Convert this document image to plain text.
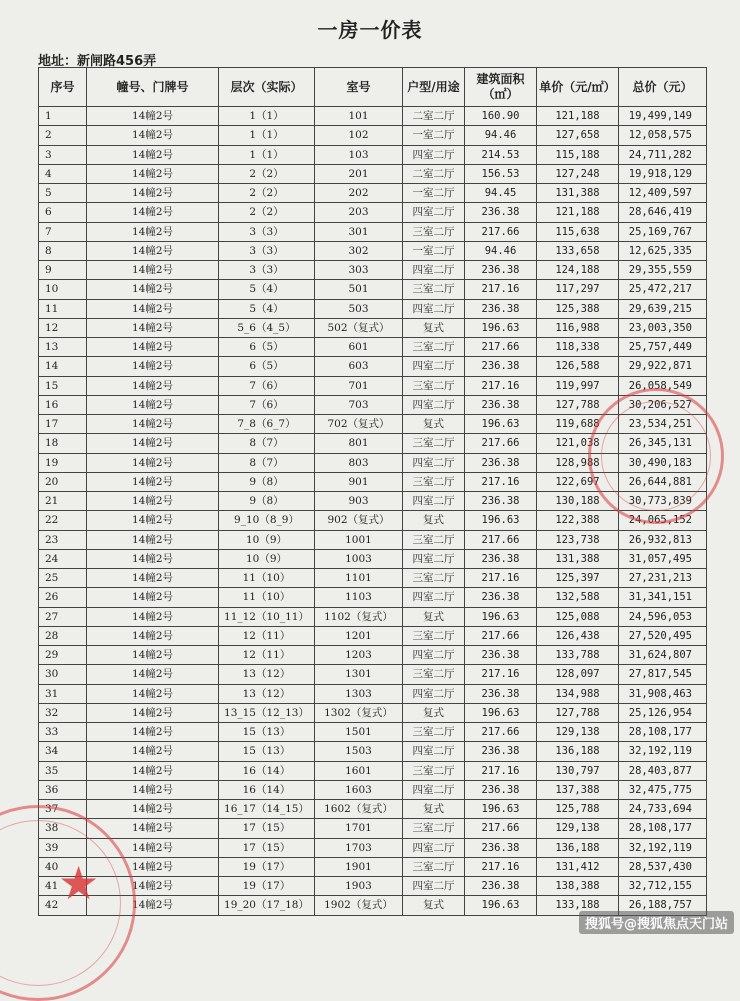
一房一价表
地址：新闸路456弄
序号	幢号、门牌号	层次（实际）	室号	户型/用途	建筑面积（㎡）	单价（元/㎡）	总价（元）
1	14幢2号	1（1）	101	二室二厅	160.90	121,188	19,499,149
2	14幢2号	1（1）	102	一室二厅	94.46	127,658	12,058,575
3	14幢2号	1（1）	103	四室二厅	214.53	115,188	24,711,282
4	14幢2号	2（2）	201	二室二厅	156.53	127,248	19,918,129
5	14幢2号	2（2）	202	一室二厅	94.45	131,388	12,409,597
6	14幢2号	2（2）	203	四室二厅	236.38	121,188	28,646,419
7	14幢2号	3（3）	301	三室二厅	217.66	115,638	25,169,767
8	14幢2号	3（3）	302	一室二厅	94.46	133,658	12,625,335
9	14幢2号	3（3）	303	四室二厅	236.38	124,188	29,355,559
10	14幢2号	5（4）	501	三室二厅	217.16	117,297	25,472,217
11	14幢2号	5（4）	503	四室二厅	236.38	125,388	29,639,215
12	14幢2号	5_6（4_5）	502（复式）	复式	196.63	116,988	23,003,350
13	14幢2号	6（5）	601	三室二厅	217.66	118,338	25,757,449
14	14幢2号	6（5）	603	四室二厅	236.38	126,588	29,922,871
15	14幢2号	7（6）	701	三室二厅	217.16	119,997	26,058,549
16	14幢2号	7（6）	703	四室二厅	236.38	127,788	30,206,527
17	14幢2号	7_8（6_7）	702（复式）	复式	196.63	119,688	23,534,251
18	14幢2号	8（7）	801	三室二厅	217.66	121,038	26,345,131
19	14幢2号	8（7）	803	四室二厅	236.38	128,988	30,490,183
20	14幢2号	9（8）	901	三室二厅	217.16	122,697	26,644,881
21	14幢2号	9（8）	903	四室二厅	236.38	130,188	30,773,839
22	14幢2号	9_10（8_9）	902（复式）	复式	196.63	122,388	24,065,152
23	14幢2号	10（9）	1001	三室二厅	217.66	123,738	26,932,813
24	14幢2号	10（9）	1003	四室二厅	236.38	131,388	31,057,495
25	14幢2号	11（10）	1101	三室二厅	217.16	125,397	27,231,213
26	14幢2号	11（10）	1103	四室二厅	236.38	132,588	31,341,151
27	14幢2号	11_12（10_11）	1102（复式）	复式	196.63	125,088	24,596,053
28	14幢2号	12（11）	1201	三室二厅	217.66	126,438	27,520,495
29	14幢2号	12（11）	1203	四室二厅	236.38	133,788	31,624,807
30	14幢2号	13（12）	1301	三室二厅	217.16	128,097	27,817,545
31	14幢2号	13（12）	1303	四室二厅	236.38	134,988	31,908,463
32	14幢2号	13_15（12_13）	1302（复式）	复式	196.63	127,788	25,126,954
33	14幢2号	15（13）	1501	三室二厅	217.66	129,138	28,108,177
34	14幢2号	15（13）	1503	四室二厅	236.38	136,188	32,192,119
35	14幢2号	16（14）	1601	三室二厅	217.16	130,797	28,403,877
36	14幢2号	16（14）	1603	四室二厅	236.38	137,388	32,475,775
37	14幢2号	16_17（14_15）	1602（复式）	复式	196.63	125,788	24,733,694
38	14幢2号	17（15）	1701	三室二厅	217.66	129,138	28,108,177
39	14幢2号	17（15）	1703	四室二厅	236.38	136,188	32,192,119
40	14幢2号	19（17）	1901	三室二厅	217.16	131,412	28,537,430
41	14幢2号	19（17）	1903	四室二厅	236.38	138,388	32,712,155
42	14幢2号	19_20（17_18）	1902（复式）	复式	196.63	133,188	26,188,757
★
搜狐号@搜狐焦点天门站
